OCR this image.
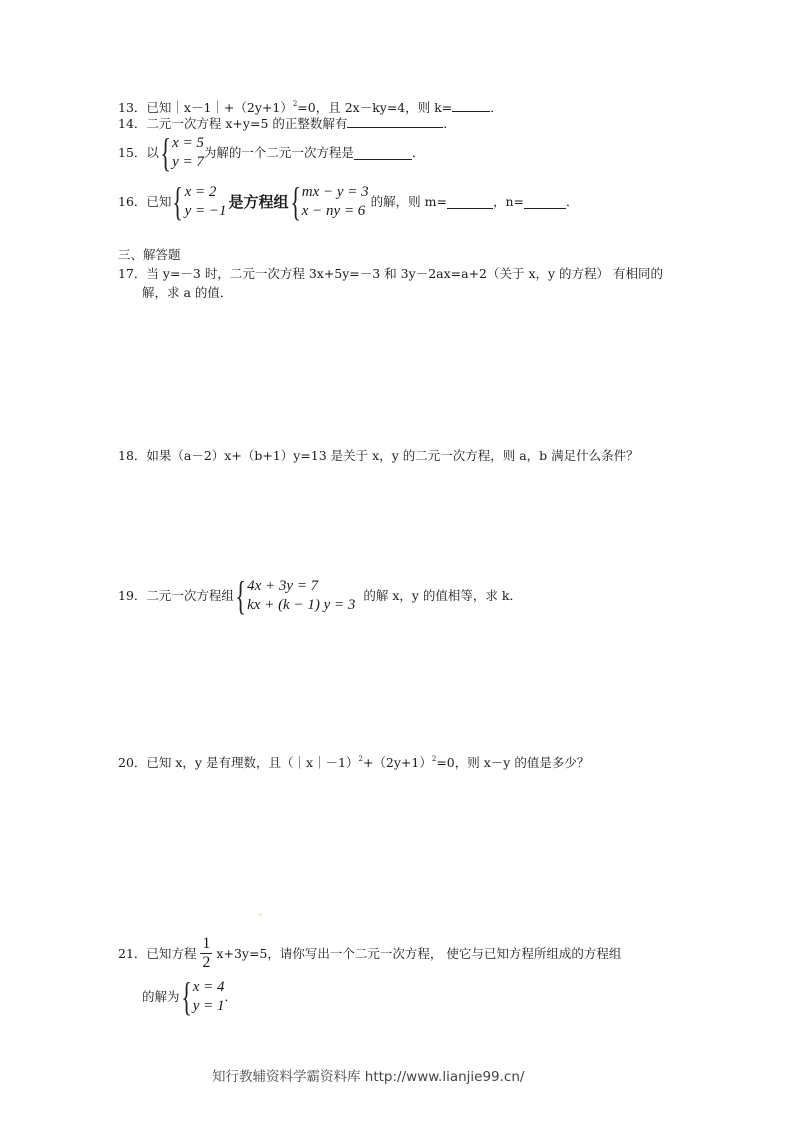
13．已知$|x-1|+(2y+1)^2=0$，且 2x－ky=4，则 k=	．
14．二元一次方程 x+y=5 的正整数解有	．
15． 以 { x = 5
y = 7
为解的一个二元一次方程是	．
16． 已知 { x = 2
y = −1 是方程组 { mx − y = 3
x − ny = 6
的解，则 m=	，n=	．
三、解答题
17．当 y=－3 时，二元一次方程 3x+5y=－3 和 3y－2ax=a+2（关于 x，y 的方程） 有相同的
解，求 a 的值．
18．如果（a－2）x+（b+1）y=13 是关于 x，y 的二元一次方程，则 a，b 满足什么条件？
19． 二元一次方程组 { 4x + 3y = 7
kx + (k − 1) y = 3
的解 x，y 的值相等，求 k．
20．已知 x，y 是有理数，且$(|x|-1)^2+(2y+1)^2=0$，则 x－y 的值是多少？
21． 已知方程 $\frac{1}{2} x+3y=5$，请你写出一个二元一次方程， 使它与已知方程所组成的方程组
的解为 { x = 4
y = 1
．
知行教辅资料学霸资料库 http://www.lianjie99.cn/
